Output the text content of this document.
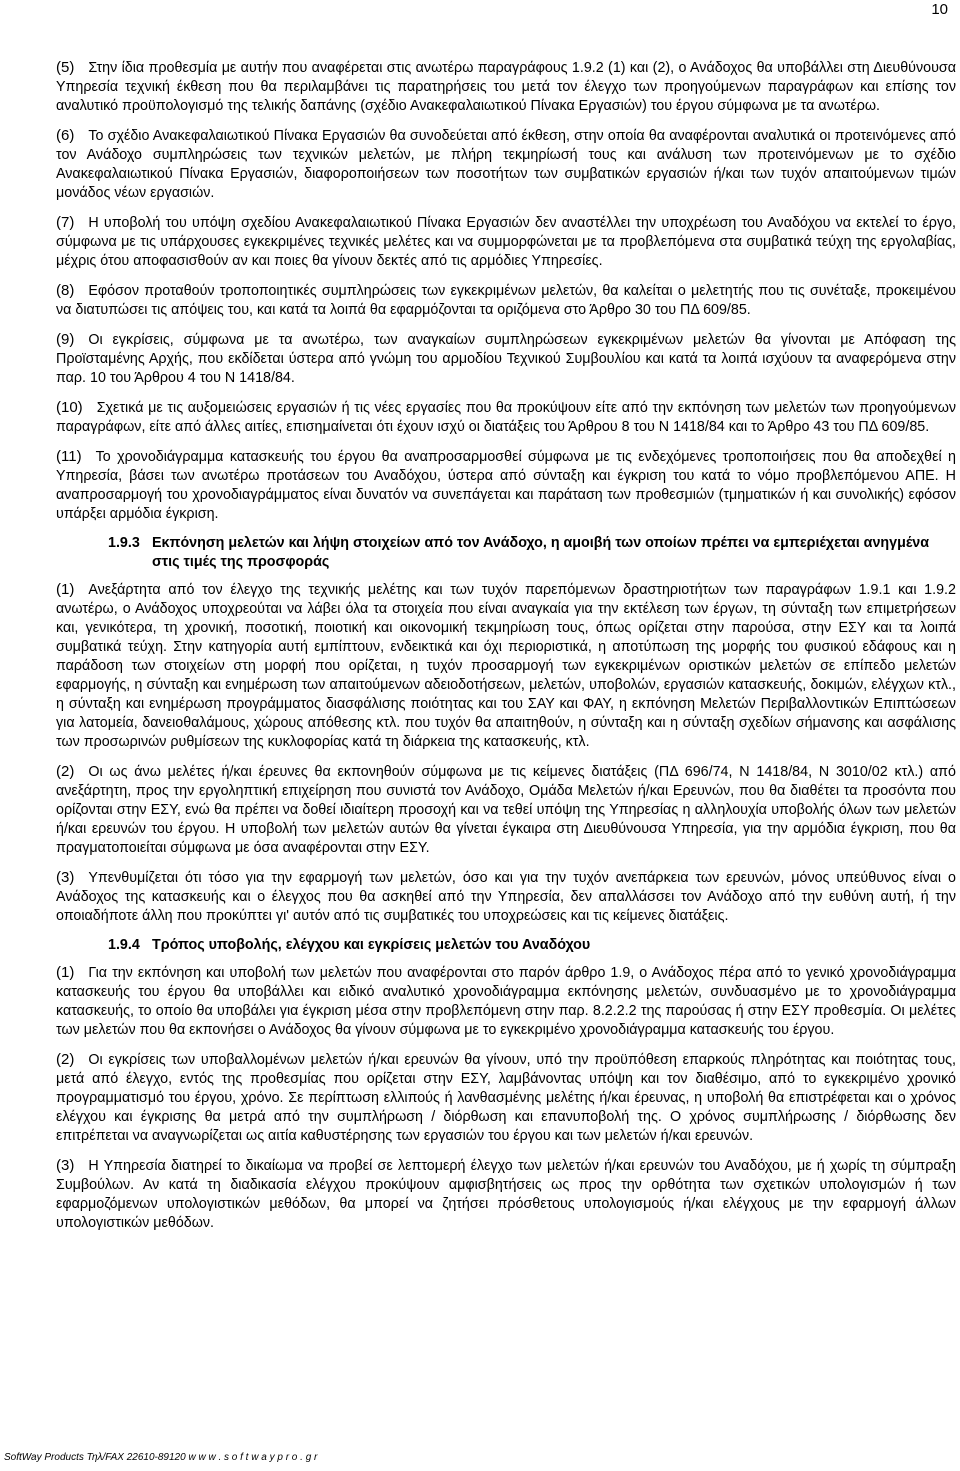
10

(5) Στην ίδια προθεσμία με αυτήν που αναφέρεται στις ανωτέρω παραγράφους 1.9.2 (1) και (2), ο Ανάδοχος θα υποβάλλει στη Διευθύνουσα Υπηρεσία τεχνική έκθεση που θα περιλαμβάνει τις παρατηρήσεις του μετά τον έλεγχο των προηγούμενων παραγράφων και επίσης τον αναλυτικό προϋπολογισμό της τελικής δαπάνης (σχέδιο Ανακεφαλαιωτικού Πίνακα Εργασιών) του έργου σύμφωνα με τα ανωτέρω.

(6) Το σχέδιο Ανακεφαλαιωτικού Πίνακα Εργασιών θα συνοδεύεται από έκθεση, στην οποία θα αναφέρονται αναλυτικά οι προτεινόμενες από τον Ανάδοχο συμπληρώσεις των τεχνικών μελετών, με πλήρη τεκμηρίωσή τους και ανάλυση των προτεινόμενων με το σχέδιο Ανακεφαλαιωτικού Πίνακα Εργασιών, διαφοροποιήσεων των ποσοτήτων των συμβατικών εργασιών ή/και των τυχόν απαιτούμενων τιμών μονάδος νέων εργασιών.

(7) Η υποβολή του υπόψη σχεδίου Ανακεφαλαιωτικού Πίνακα Εργασιών δεν αναστέλλει την υποχρέωση του Αναδόχου να εκτελεί το έργο, σύμφωνα με τις υπάρχουσες εγκεκριμένες τεχνικές μελέτες και να συμμορφώνεται με τα προβλεπόμενα στα συμβατικά τεύχη της εργολαβίας, μέχρις ότου αποφασισθούν αν και ποιες θα γίνουν δεκτές από τις αρμόδιες Υπηρεσίες.

(8) Εφόσον προταθούν τροποποιητικές συμπληρώσεις των εγκεκριμένων μελετών, θα καλείται ο μελετητής που τις συνέταξε, προκειμένου να διατυπώσει τις απόψεις του, και κατά τα λοιπά θα εφαρμόζονται τα οριζόμενα στο Άρθρο 30 του ΠΔ 609/85.

(9) Οι εγκρίσεις, σύμφωνα με τα ανωτέρω, των αναγκαίων συμπληρώσεων εγκεκριμένων μελετών θα γίνονται με Απόφαση της Προϊσταμένης Αρχής, που εκδίδεται ύστερα από γνώμη του αρμοδίου Τεχνικού Συμβουλίου και κατά τα λοιπά ισχύουν τα αναφερόμενα στην παρ. 10 του Άρθρου 4 του Ν 1418/84.

(10) Σχετικά με τις αυξομειώσεις εργασιών ή τις νέες εργασίες που θα προκύψουν είτε από την εκπόνηση των μελετών των προηγούμενων παραγράφων, είτε από άλλες αιτίες, επισημαίνεται ότι έχουν ισχύ οι διατάξεις του Άρθρου 8 του Ν 1418/84 και το Άρθρο 43 του ΠΔ 609/85.

(11) Το χρονοδιάγραμμα κατασκευής του έργου θα αναπροσαρμοσθεί σύμφωνα με τις ενδεχόμενες τροποποιήσεις που θα αποδεχθεί η Υπηρεσία, βάσει των ανωτέρω προτάσεων του Αναδόχου, ύστερα από σύνταξη και έγκριση του κατά το νόμο προβλεπόμενου ΑΠΕ. Η αναπροσαρμογή του χρονοδιαγράμματος είναι δυνατόν να συνεπάγεται και παράταση των προθεσμιών (τμηματικών ή και συνολικής) εφόσον υπάρξει αρμόδια έγκριση.

1.9.3 Εκπόνηση μελετών και λήψη στοιχείων από τον Ανάδοχο, η αμοιβή των οποίων πρέπει να εμπεριέχεται ανηγμένα στις τιμές της προσφοράς

(1) Ανεξάρτητα από τον έλεγχο της τεχνικής μελέτης και των τυχόν παρεπόμενων δραστηριοτήτων των παραγράφων 1.9.1 και 1.9.2 ανωτέρω, ο Ανάδοχος υποχρεούται να λάβει όλα τα στοιχεία που είναι αναγκαία για την εκτέλεση των έργων, τη σύνταξη των επιμετρήσεων και, γενικότερα, τη χρονική, ποσοτική, ποιοτική και οικονομική τεκμηρίωση τους, όπως ορίζεται στην παρούσα, στην ΕΣΥ και τα λοιπά συμβατικά τεύχη. Στην κατηγορία αυτή εμπίπτουν, ενδεικτικά και όχι περιοριστικά, η αποτύπωση της μορφής του φυσικού εδάφους και η παράδοση των στοιχείων στη μορφή που ορίζεται, η τυχόν προσαρμογή των εγκεκριμένων οριστικών μελετών σε επίπεδο μελετών εφαρμογής, η σύνταξη και ενημέρωση των απαιτούμενων αδειοδοτήσεων, μελετών, υποβολών, εργασιών κατασκευής, δοκιμών, ελέγχων κτλ., η σύνταξη και ενημέρωση προγράμματος διασφάλισης ποιότητας και του ΣΑΥ και ΦΑΥ, η εκπόνηση Μελετών Περιβαλλοντικών Επιπτώσεων για λατομεία, δανειοθαλάμους, χώρους απόθεσης κτλ. που τυχόν θα απαιτηθούν, η σύνταξη και η σύνταξη σχεδίων σήμανσης και ασφάλισης των προσωρινών ρυθμίσεων της κυκλοφορίας κατά τη διάρκεια της κατασκευής, κτλ.

(2) Οι ως άνω μελέτες ή/και έρευνες θα εκπονηθούν σύμφωνα με τις κείμενες διατάξεις (ΠΔ 696/74, Ν 1418/84, Ν 3010/02 κτλ.) από ανεξάρτητη, προς την εργοληπτική επιχείρηση που συνιστά τον Ανάδοχο, Ομάδα Μελετών ή/και Ερευνών, που θα διαθέτει τα προσόντα που ορίζονται στην ΕΣΥ, ενώ θα πρέπει να δοθεί ιδιαίτερη προσοχή και να τεθεί υπόψη της Υπηρεσίας η αλληλουχία υποβολής όλων των μελετών ή/και ερευνών του έργου. Η υποβολή των μελετών αυτών θα γίνεται έγκαιρα στη Διευθύνουσα Υπηρεσία, για την αρμόδια έγκριση, που θα πραγματοποιείται σύμφωνα με όσα αναφέρονται στην ΕΣΥ.

(3) Υπενθυμίζεται ότι τόσο για την εφαρμογή των μελετών, όσο και για την τυχόν ανεπάρκεια των ερευνών, μόνος υπεύθυνος είναι ο Ανάδοχος της κατασκευής και ο έλεγχος που θα ασκηθεί από την Υπηρεσία, δεν απαλλάσσει τον Ανάδοχο από την ευθύνη αυτή, ή την οποιαδήποτε άλλη που προκύπτει γι' αυτόν από τις συμβατικές του υποχρεώσεις και τις κείμενες διατάξεις.

1.9.4 Τρόπος υποβολής, ελέγχου και εγκρίσεις μελετών του Αναδόχου

(1) Για την εκπόνηση και υποβολή των μελετών που αναφέρονται στο παρόν άρθρο 1.9, ο Ανάδοχος πέρα από το γενικό χρονοδιάγραμμα κατασκευής του έργου θα υποβάλλει και ειδικό αναλυτικό χρονοδιάγραμμα εκπόνησης μελετών, συνδυασμένο με το χρονοδιάγραμμα κατασκευής, το οποίο θα υποβάλει για έγκριση μέσα στην προβλεπόμενη στην παρ. 8.2.2.2 της παρούσας ή στην ΕΣΥ προθεσμία. Οι μελέτες των μελετών που θα εκπονήσει ο Ανάδοχος θα γίνουν σύμφωνα με το εγκεκριμένο χρονοδιάγραμμα κατασκευής του έργου.

(2) Οι εγκρίσεις των υποβαλλομένων μελετών ή/και ερευνών θα γίνουν, υπό την προϋπόθεση επαρκούς πληρότητας και ποιότητας τους, μετά από έλεγχο, εντός της προθεσμίας που ορίζεται στην ΕΣΥ, λαμβάνοντας υπόψη και τον διαθέσιμο, από το εγκεκριμένο χρονικό προγραμματισμό του έργου, χρόνο. Σε περίπτωση ελλιπούς ή λανθασμένης μελέτης ή/και έρευνας, η υποβολή θα επιστρέφεται και ο χρόνος ελέγχου και έγκρισης θα μετρά από την συμπλήρωση / διόρθωση και επανυποβολή της. Ο χρόνος συμπλήρωσης / διόρθωσης δεν επιτρέπεται να αναγνωρίζεται ως αιτία καθυστέρησης των εργασιών του έργου και των μελετών ή/και ερευνών.

(3) Η Υπηρεσία διατηρεί το δικαίωμα να προβεί σε λεπτομερή έλεγχο των μελετών ή/και ερευνών του Αναδόχου, με ή χωρίς τη σύμπραξη Συμβούλων. Αν κατά τη διαδικασία ελέγχου προκύψουν αμφισβητήσεις ως προς την ορθότητα των σχετικών υπολογισμών ή των εφαρμοζόμενων υπολογιστικών μεθόδων, θα μπορεί να ζητήσει πρόσθετους υπολογισμούς ή/και ελέγχους με την εφαρμογή άλλων υπολογιστικών μεθόδων.

SoftWay Products Τηλ/FAX 22610-89120 w w w . s o f t w a y p r o . g r
